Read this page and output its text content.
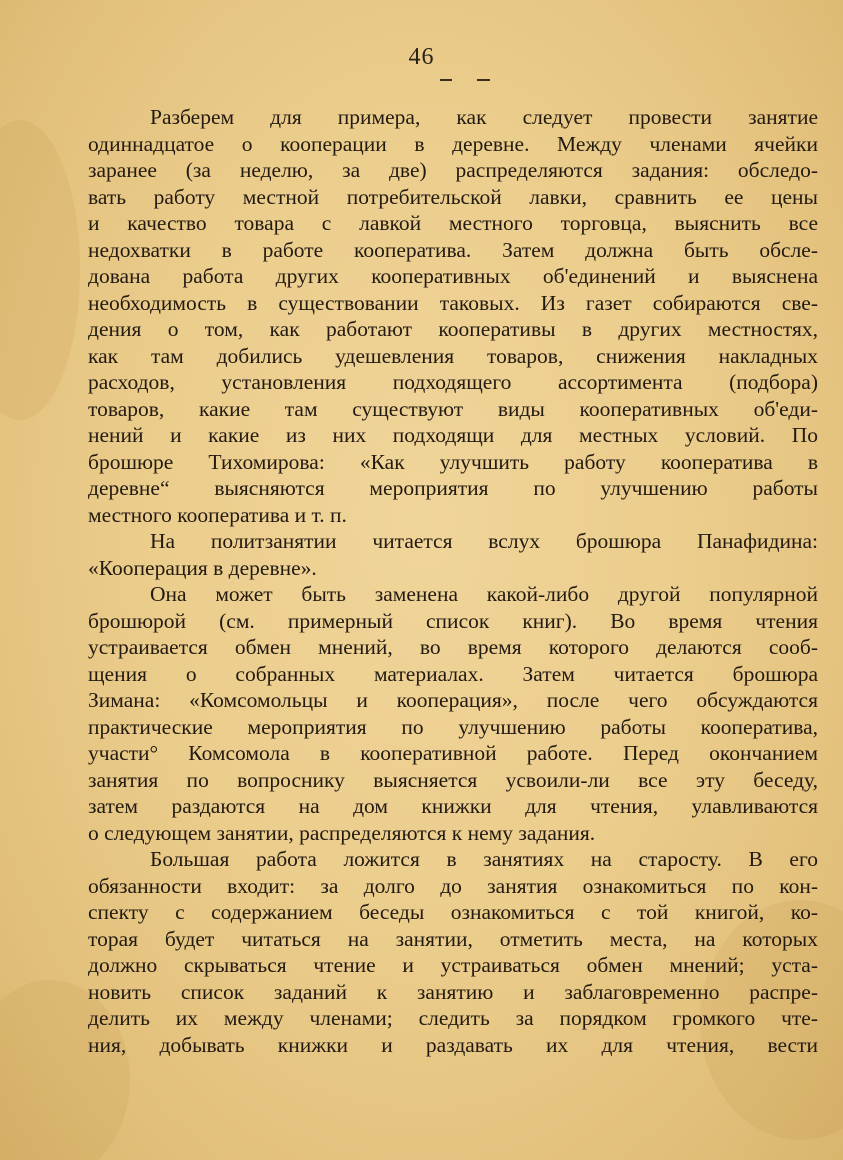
46
Разберем для примера, как следует провести занятие
одиннадцатое о кооперации в деревне. Между членами ячейки
заранее (за неделю, за две) распределяются задания: обследо-
вать работу местной потребительской лавки, сравнить ее цены
и качество товара с лавкой местного торговца, выяснить все
недохватки в работе кооператива. Затем должна быть обсле-
дована работа других кооперативных об'единений и выяснена
необходимость в существовании таковых. Из газет собираются све-
дения о том, как работают кооперативы в других местностях,
как там добились удешевления товаров, снижения накладных
расходов, установления подходящего ассортимента (подбора)
товаров, какие там существуют виды кооперативных об'еди-
нений и какие из них подходящи для местных условий. По
брошюре Тихомирова: «Как улучшить работу кооператива в
деревне“ выясняются мероприятия по улучшению работы
местного кооператива и т. п.
На политзанятии читается вслух брошюра Панафидина:
«Кооперация в деревне».
Она может быть заменена какой-либо другой популярной
брошюрой (см. примерный список книг). Во время чтения
устраивается обмен мнений, во время которого делаются сооб-
щения о собранных материалах. Затем читается брошюра
Зимана: «Комсомольцы и кооперация», после чего обсуждаются
практические мероприятия по улучшению работы кооператива,
участи° Комсомола в кооперативной работе. Перед окончанием
занятия по вопроснику выясняется усвоили-ли все эту беседу,
затем раздаются на дом книжки для чтения, улавливаются
о следующем занятии, распределяются к нему задания.
Большая работа ложится в занятиях на старосту. В его
обязанности входит: за долго до занятия ознакомиться по кон-
спекту с содержанием беседы ознакомиться с той книгой, ко-
торая будет читаться на занятии, отметить места, на которых
должно скрываться чтение и устраиваться обмен мнений; уста-
новить список заданий к занятию и заблаговременно распре-
делить их между членами; следить за порядком громкого чте-
ния, добывать книжки и раздавать их для чтения, вести
